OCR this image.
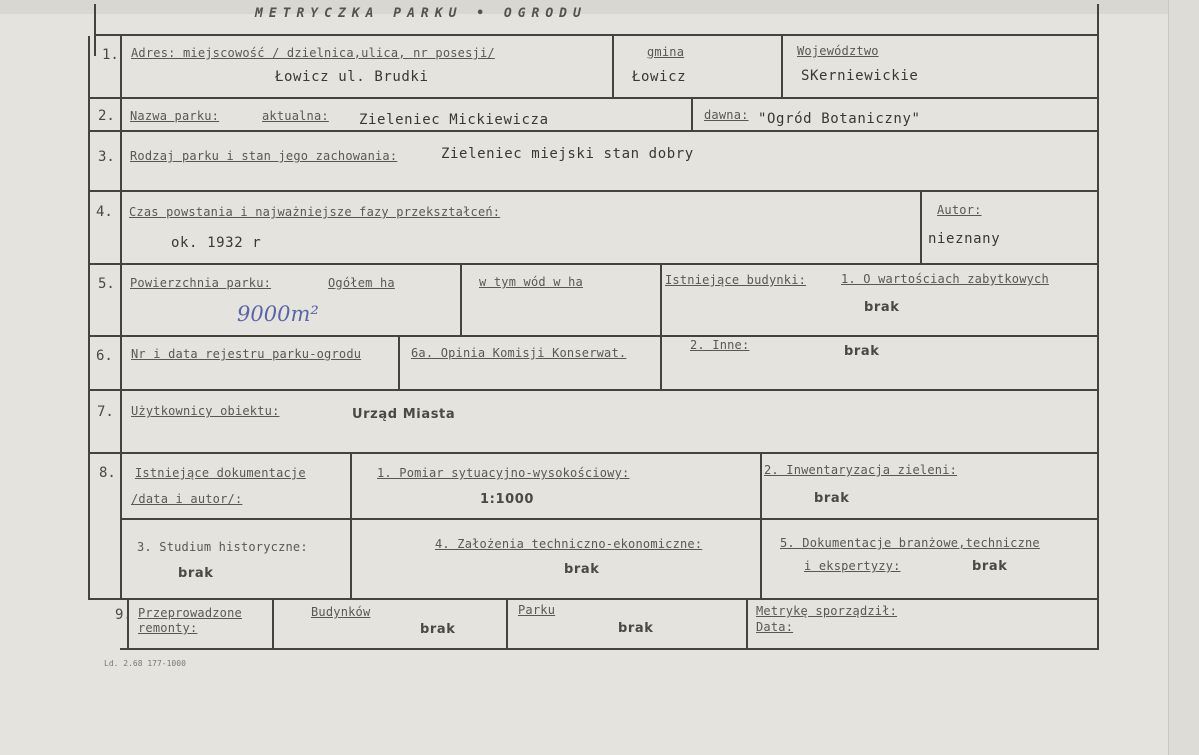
METRYCZKA PARKU • OGRODU
1. Adres: miejscowość / dzielnica,ulica, nr posesji/
Łowicz ul. Brudki
gmina
Łowicz
Województwo
SKerniewickie
2. Nazwa parku:	aktualna: Zieleniec Mickiewicza	dawna: "Ogród Botaniczny"
3. Rodzaj parku i stan jego zachowania:	Zieleniec miejski stan dobry
4. Czas powstania i najważniejsze fazy przekształceń:
ok. 1932 r
Autor:
nieznany
5. Powierzchnia parku:	Ogółem ha
9000m²
w tym wód w ha	Istniejące budynki:	1. O wartościach zabytkowych
brak
6. Nr i data rejestru parku-ogrodu	6a. Opinia Komisji Konserwat.
2. Inne:	brak
7. Użytkownicy obiektu:	Urząd Miasta
8. Istniejące dokumentacje
/data i autor/:
1. Pomiar sytuacyjno-wysokościowy:
1:1000
2. Inwentaryzacja zieleni:
brak
3. Studium historyczne:
brak
4. Założenia techniczno-ekonomiczne:
brak
5. Dokumentacje branżowe,techniczne
i ekspertyzy:	brak
9. Przeprowadzone
remonty:
Budynków
brak
Parku
brak
Metrykę sporządził:
Data:
Ld. 2.68 177-1000
